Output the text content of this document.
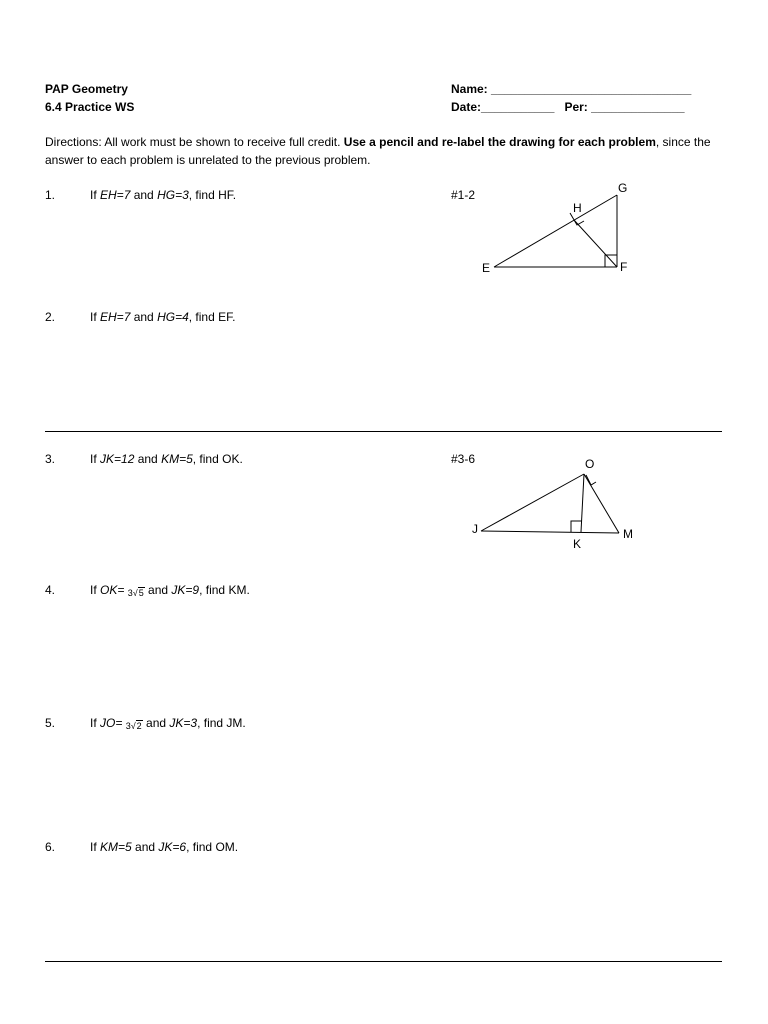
PAP Geometry
6.4 Practice WS
Name: ______________________________
Date:___________ Per: ______________
Directions: All work must be shown to receive full credit. Use a pencil and re-label the drawing for each problem, since the answer to each problem is unrelated to the previous problem.
1.	If EH=7 and HG=3, find HF.
2.	If EH=7 and HG=4, find EF.
3.	If JK=12 and KM=5, find OK.
4.	If OK= 3√5 and JK=9, find KM.
5.	If JO= 3√2 and JK=3, find JM.
6.	If KM=5 and JK=6, find OM.
#1-2
E	F
G
H
#3-6
J
K
M
O
